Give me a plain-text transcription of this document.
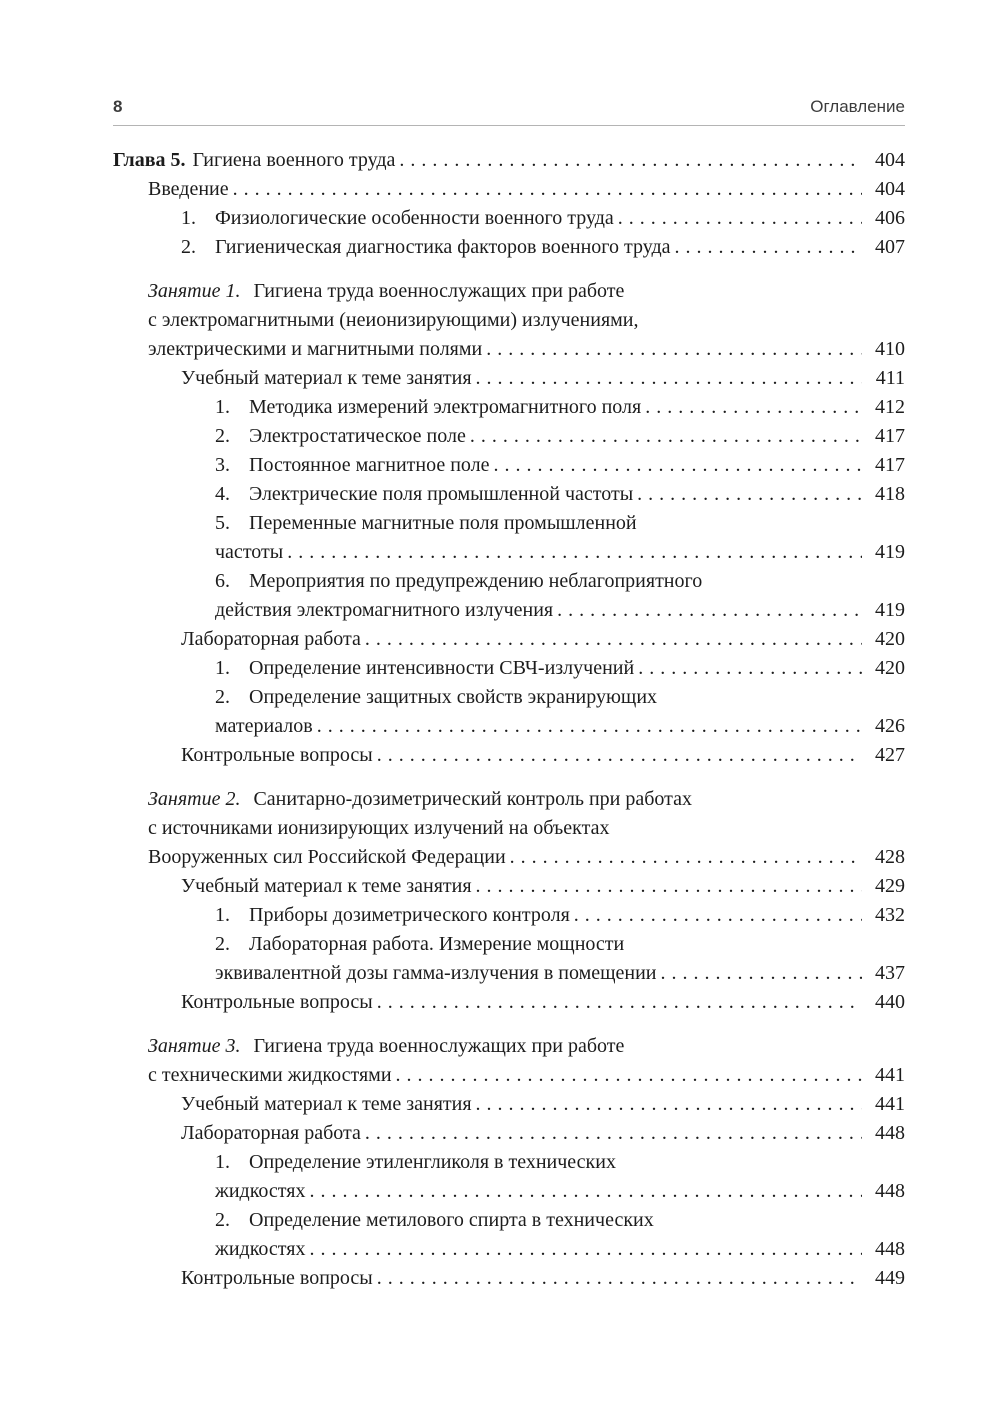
8	Оглавление
Глава 5. Гигиена военного труда .....	404
Введение .....	404
1. Физиологические особенности военного труда .....	406
2. Гигиеническая диагностика факторов военного труда .....	407
Занятие 1. Гигиена труда военнослужащих при работе
с электромагнитными (неионизирующими) излучениями,
электрическими и магнитными полями .....	410
Учебный материал к теме занятия .....	411
1. Методика измерений электромагнитного поля .....	412
2. Электростатическое поле .....	417
3. Постоянное магнитное поле .....	417
4. Электрические поля промышленной частоты .....	418
5. Переменные магнитные поля промышленной
частоты .....	419
6. Мероприятия по предупреждению неблагоприятного
действия электромагнитного излучения .....	419
Лабораторная работа .....	420
1. Определение интенсивности СВЧ-излучений .....	420
2. Определение защитных свойств экранирующих
материалов .....	426
Контрольные вопросы .....	427
Занятие 2. Санитарно-дозиметрический контроль при работах
с источниками ионизирующих излучений на объектах
Вооруженных сил Российской Федерации .....	428
Учебный материал к теме занятия .....	429
1. Приборы дозиметрического контроля .....	432
2. Лабораторная работа. Измерение мощности
эквивалентной дозы гамма-излучения в помещении .....	437
Контрольные вопросы .....	440
Занятие 3. Гигиена труда военнослужащих при работе
с техническими жидкостями .....	441
Учебный материал к теме занятия .....	441
Лабораторная работа .....	448
1. Определение этиленгликоля в технических
жидкостях .....	448
2. Определение метилового спирта в технических
жидкостях .....	448
Контрольные вопросы .....	449
